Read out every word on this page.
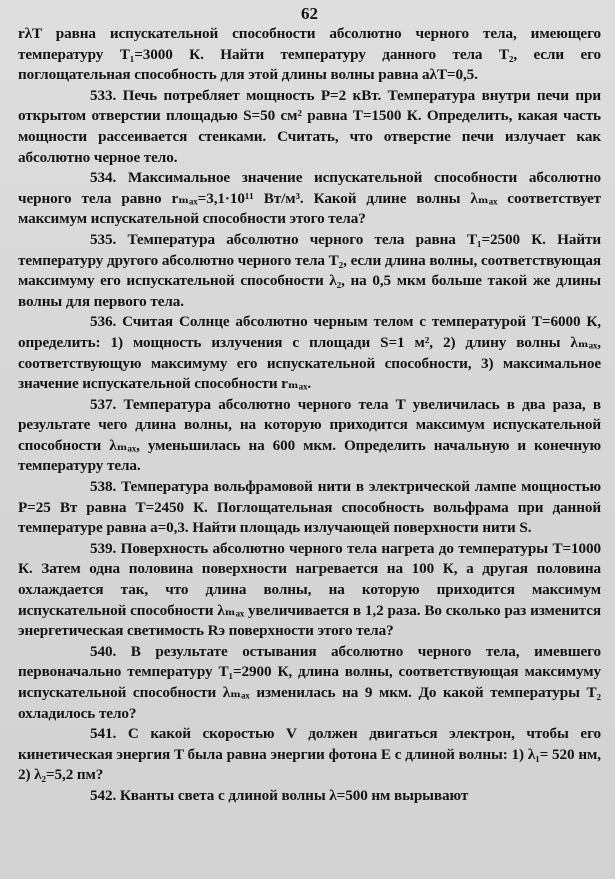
62

rλT равна испускательной способности абсолютно черного тела, имеющего температуру T₁=3000 К. Найти температуру данного тела T₂, если его поглощательная способность для этой длины волны равна aλT=0,5.

533. Печь потребляет мощность P=2 кВт. Температура внутри печи при открытом отверстии площадью S=50 см² равна T=1500 К. Определить, какая часть мощности рассеивается стенками. Считать, что отверстие печи излучает как абсолютно черное тело.

534. Максимальное значение испускательной способности абсолютно черного тела равно rₘₐₓ=3,1·10¹¹ Вт/м³. Какой длине волны λₘₐₓ соответствует максимум испускательной способности этого тела?

535. Температура абсолютно черного тела равна T₁=2500 К. Найти температуру другого абсолютно черного тела T₂, если длина волны, соответствующая максимуму его испускательной способности λ₂, на 0,5 мкм больше такой же длины волны для первого тела.

536. Считая Солнце абсолютно черным телом с температурой T=6000 К, определить: 1) мощность излучения с площади S=1 м², 2) длину волны λₘₐₓ, соответствующую максимуму его испускательной способности, 3) максимальное значение испускательной способности rₘₐₓ.

537. Температура абсолютно черного тела T увеличилась в два раза, в результате чего длина волны, на которую приходится максимум испускательной способности λₘₐₓ, уменьшилась на 600 мкм. Определить начальную и конечную температуру тела.

538. Температура вольфрамовой нити в электрической лампе мощностью P=25 Вт равна T=2450 К. Поглощательная способность вольфрама при данной температуре равна a=0,3. Найти площадь излучающей поверхности нити S.

539. Поверхность абсолютно черного тела нагрета до температуры T=1000 К. Затем одна половина поверхности нагревается на 100 К, а другая половина охлаждается так, что длина волны, на которую приходится максимум испускательной способности λₘₐₓ увеличивается в 1,2 раза. Во сколько раз изменится энергетическая светимость Rэ поверхности этого тела?

540. В результате остывания абсолютно черного тела, имевшего первоначально температуру T₁=2900 К, длина волны, соответствующая максимуму испускательной способности λₘₐₓ изменилась на 9 мкм. До какой температуры T₂ охладилось тело?

541. С какой скоростью V должен двигаться электрон, чтобы его кинетическая энергия T была равна энергии фотона E с длиной волны: 1) λ₁= 520 нм, 2) λ₂=5,2 пм?

542. Кванты света с длиной волны λ=500 нм вырывают
